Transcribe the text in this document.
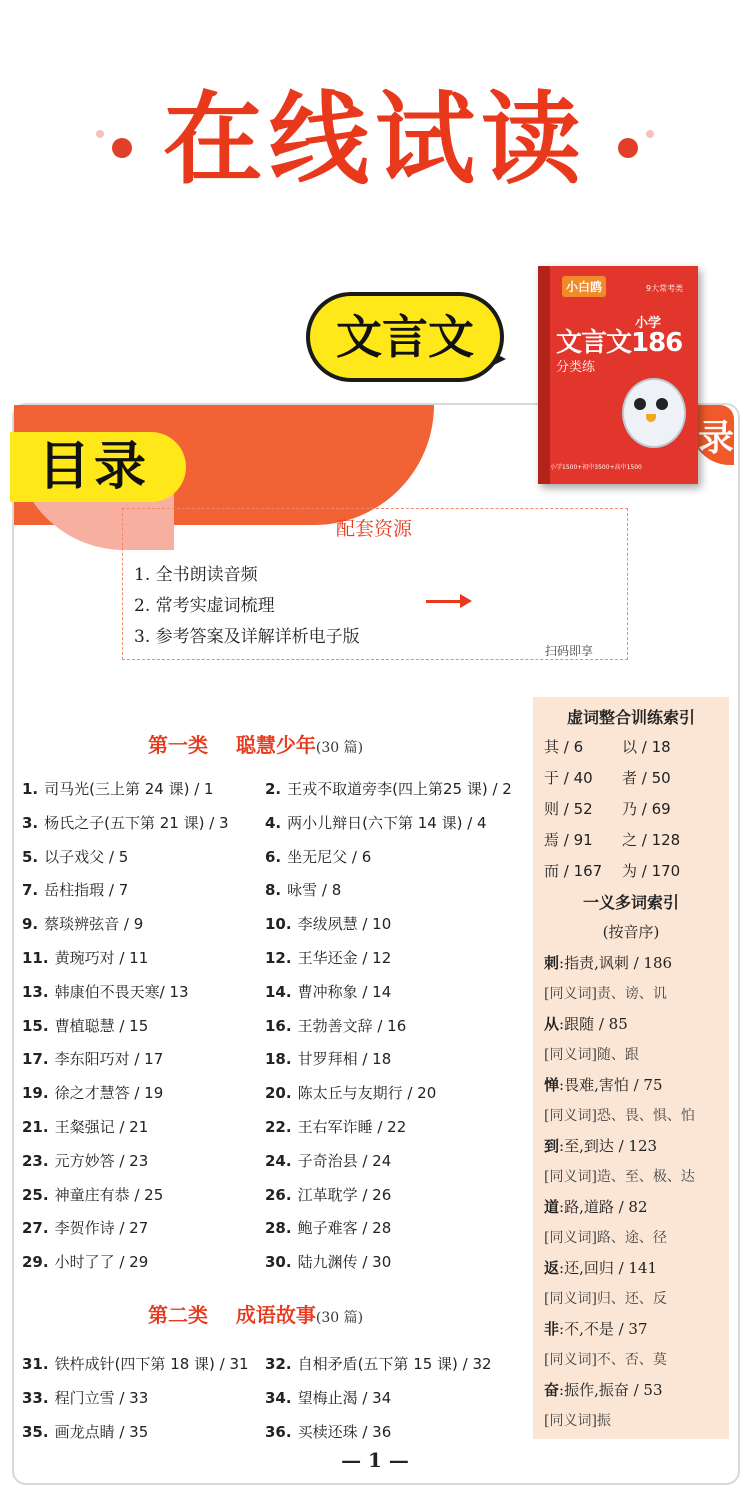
在线试读
文言文
录
目录
小白鸥	9大常考类
小学
文言文186
分类练
小学1500+初中3500+高中1500
配套资源
1. 全书朗读音频
2. 常考实虚词梳理
3. 参考答案及详解详析电子版
扫码即享
虚词整合训练索引
其 / 6	以 / 18
于 / 40 者 / 50
则 / 52 乃 / 69
焉 / 91 之 / 128
而 / 167 为 / 170
一义多词索引
(按音序)
刺:指责,讽刺 / 186
[同义词]责、谤、讥
从:跟随 / 85
[同义词]随、跟
惮:畏难,害怕 / 75
[同义词]恐、畏、惧、怕
到:至,到达 / 123
[同义词]造、至、极、达
道:路,道路 / 82
[同义词]路、途、径
返:还,回归 / 141
[同义词]归、还、反
非:不,不是 / 37
[同义词]不、否、莫
奋:振作,振奋 / 53
[同义词]振
第一类    聪慧少年(30 篇)
1. 司马光(三上第 24 课) / 1
3. 杨氏之子(五下第 21 课) / 3
5. 以子戏父 / 5
7. 岳柱指瑕 / 7
9. 蔡琰辨弦音 / 9
11. 黄琬巧对 / 11
13. 韩康伯不畏天寒/ 13
15. 曹植聪慧 / 15
17. 李东阳巧对 / 17
19. 徐之才慧答 / 19
21. 王粲强记 / 21
23. 元方妙答 / 23
25. 神童庄有恭 / 25
27. 李贺作诗 / 27
29. 小时了了 / 29
2. 王戎不取道旁李(四上第25 课) / 2
4. 两小儿辩日(六下第 14 课) / 4
6. 坐无尼父 / 6
8. 咏雪 / 8
10. 李绂夙慧 / 10
12. 王华还金 / 12
14. 曹冲称象 / 14
16. 王勃善文辞 / 16
18. 甘罗拜相 / 18
20. 陈太丘与友期行 / 20
22. 王右军诈睡 / 22
24. 子奇治县 / 24
26. 江革耽学 / 26
28. 鲍子难客 / 28
30. 陆九渊传 / 30
第二类    成语故事(30 篇)
31. 铁杵成针(四下第 18 课) / 31
33. 程门立雪 / 33
35. 画龙点睛 / 35
32. 自相矛盾(五下第 15 课) / 32
34. 望梅止渴 / 34
36. 买椟还珠 / 36
— 1 —
